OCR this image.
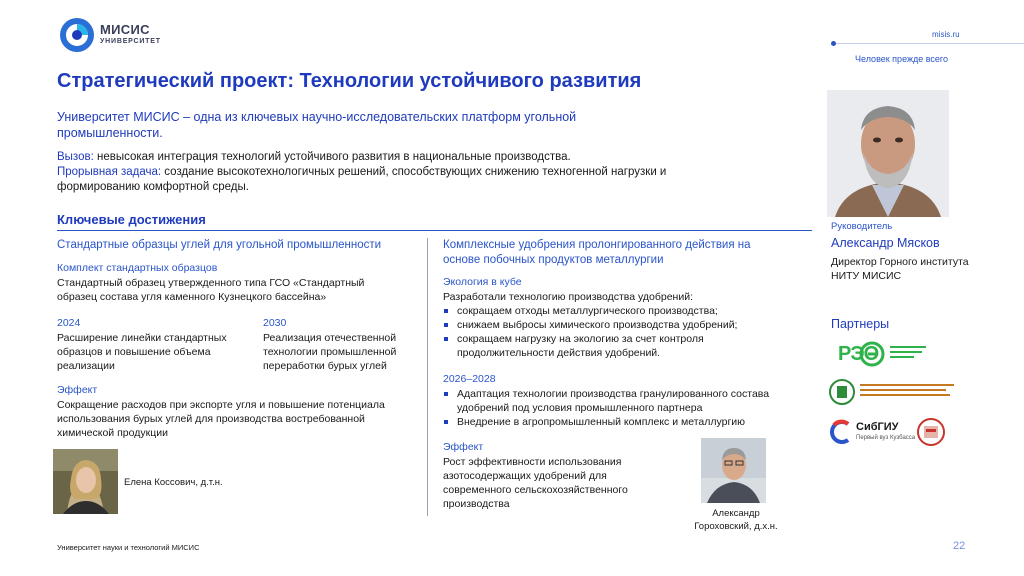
МИСИС
УНИВЕРСИТЕТ
misis.ru
Человек прежде всего
Стратегический проект: Технологии устойчивого развития
Университет МИСИС – одна из ключевых научно-исследовательских платформ угольной промышленности.
Вызов: невысокая интеграция технологий устойчивого развития в национальные производства.
Прорывная задача: создание высокотехнологичных решений, способствующих снижению техногенной нагрузки и формированию комфортной среды.
Ключевые достижения
Стандартные образцы углей для угольной промышленности
Комплект стандартных образцов
Стандартный образец утвержденного типа ГСО «Стандартный образец состава угля каменного Кузнецкого бассейна»
2024
Расширение линейки стандартных образцов и повышение объема реализации
2030
Реализация отечественной технологии промышленной переработки бурых углей
Эффект
Сокращение расходов при экспорте угля и повышение потенциала использования бурых углей для производства востребованной химической продукции
Елена Коссович, д.т.н.
Комплексные удобрения пролонгированного действия на основе побочных продуктов металлургии
Экология в кубе
Разработали технологию производства удобрений:
сокращаем отходы металлургического производства;
снижаем выбросы химического производства удобрений;
сокращаем нагрузку на экологию за счет контроля продолжительности действия удобрений.
2026–2028
Адаптация технологии производства гранулированного состава удобрений под условия промышленного партнера
Внедрение в агропромышленный комплекс и металлургию
Эффект
Рост эффективности использования азотосодержащих удобрений для современного сельскохозяйственного производства
Александр
Гороховский, д.х.н.
Руководитель
Александр Мясков
Директор Горного института НИТУ МИСИС
Партнеры
РЭО
СибГИУ
Первый вуз Кузбасса
Университет науки и технологий МИСИС	22
